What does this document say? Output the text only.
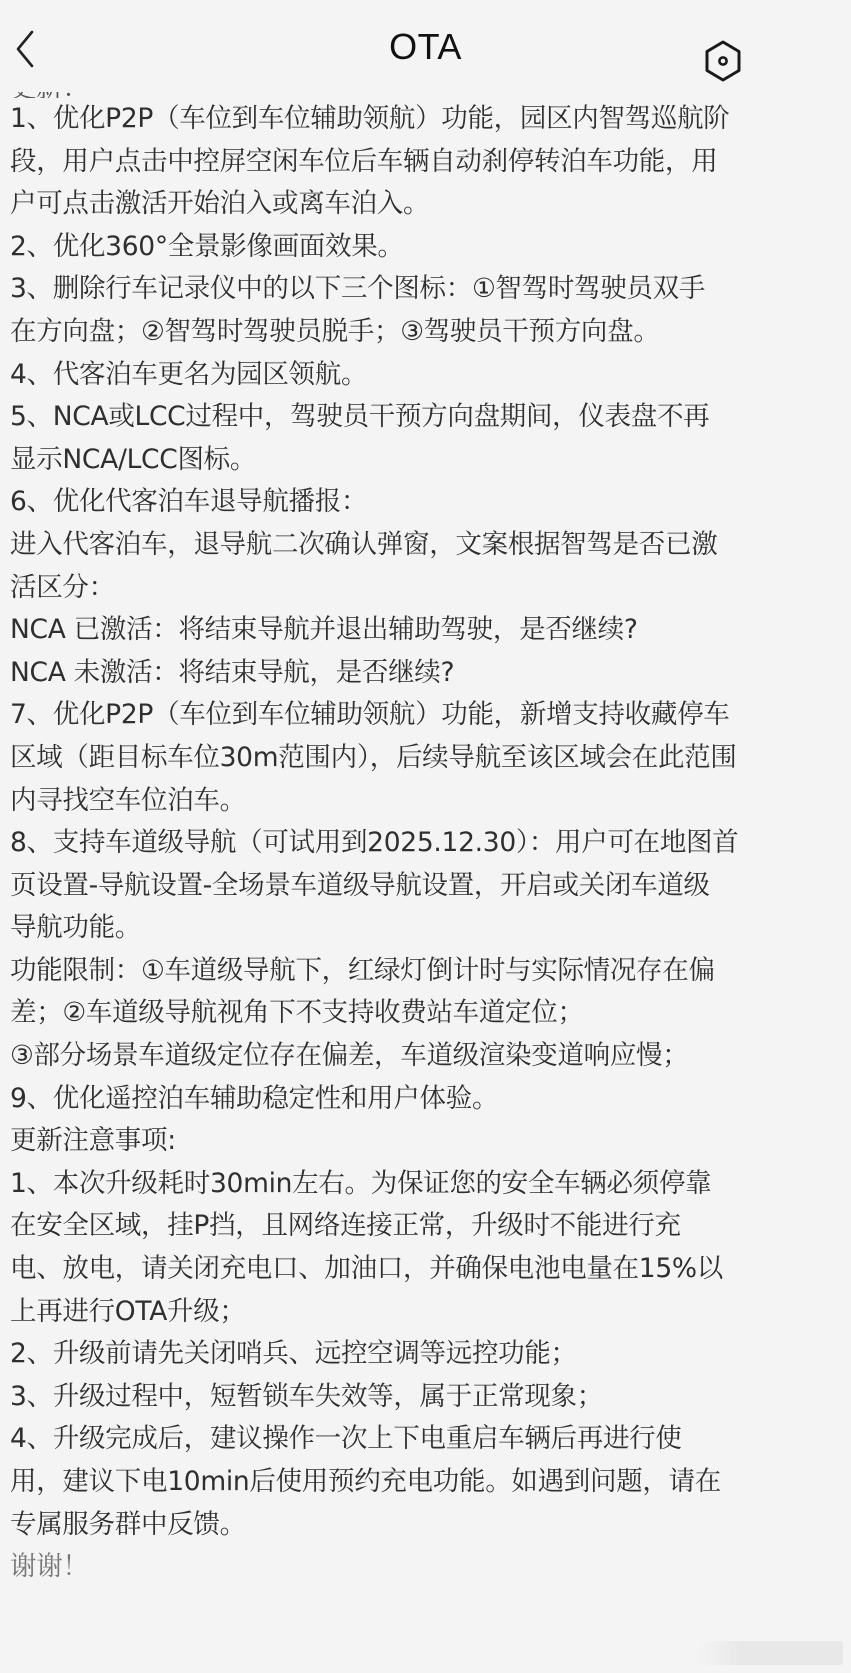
1、优化P2P（车位到车位辅助领航）功能，园区内智驾巡航阶
段，用户点击中控屏空闲车位后车辆自动刹停转泊车功能，用
户可点击激活开始泊入或离车泊入。
2、优化360°全景影像画面效果。
3、删除行车记录仪中的以下三个图标：①智驾时驾驶员双手
在方向盘；②智驾时驾驶员脱手；③驾驶员干预方向盘。
4、代客泊车更名为园区领航。
5、NCA或LCC过程中，驾驶员干预方向盘期间，仪表盘不再
显示NCA/LCC图标。
6、优化代客泊车退导航播报：
进入代客泊车，退导航二次确认弹窗，文案根据智驾是否已激
活区分：
NCA 已激活：将结束导航并退出辅助驾驶，是否继续?
NCA 未激活：将结束导航，是否继续?
7、优化P2P（车位到车位辅助领航）功能，新增支持收藏停车
区域（距目标车位30m范围内），后续导航至该区域会在此范围
内寻找空车位泊车。
8、支持车道级导航（可试用到2025.12.30）：用户可在地图首
页设置-导航设置-全场景车道级导航设置，开启或关闭车道级
导航功能。
功能限制：①车道级导航下，红绿灯倒计时与实际情况存在偏
差；②车道级导航视角下不支持收费站车道定位；
③部分场景车道级定位存在偏差，车道级渲染变道响应慢；
9、优化遥控泊车辅助稳定性和用户体验。
更新注意事项:
1、本次升级耗时30min左右。为保证您的安全车辆必须停靠
在安全区域，挂P挡，且网络连接正常，升级时不能进行充
电、放电，请关闭充电口、加油口，并确保电池电量在15%以
上再进行OTA升级；
2、升级前请先关闭哨兵、远控空调等远控功能；
3、升级过程中，短暂锁车失效等，属于正常现象；
4、升级完成后，建议操作一次上下电重启车辆后再进行使
用，建议下电10min后使用预约充电功能。如遇到问题，请在
专属服务群中反馈。
谢谢！
OTA
